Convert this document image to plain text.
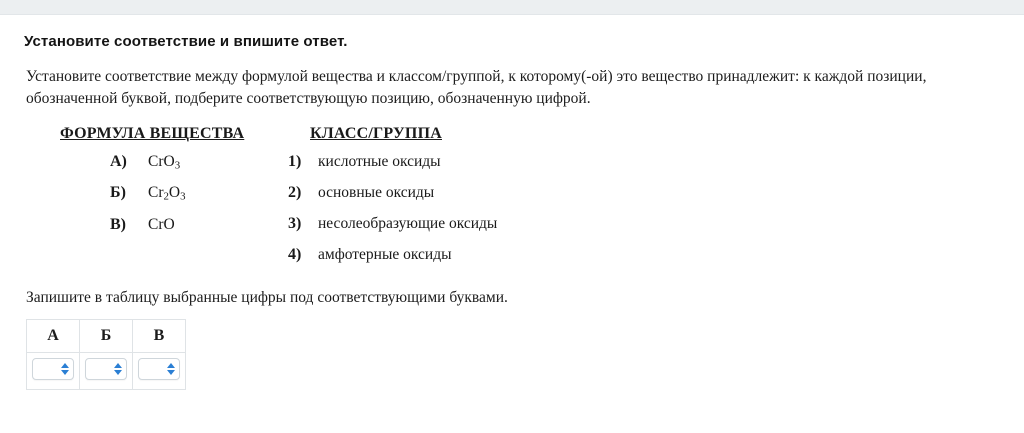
Установите соответствие и впишите ответ.

Установите соответствие между формулой вещества и классом/группой, к которому(-ой) это вещество принадлежит: к каждой позиции, обозначенной буквой, подберите соответствующую позицию, обозначенную цифрой.

ФОРМУЛА ВЕЩЕСТВА	КЛАСС/ГРУППА
А)	CrO$_3$
Б)	$Cr_2O_3$
В)	CrO
1)	кислотные оксиды
2)	основные оксиды
3)	несолеобразующие оксиды
4)	амфотерные оксиды
Запишите в таблицу выбранные цифры под соответствующими буквами.
А	Б	В
